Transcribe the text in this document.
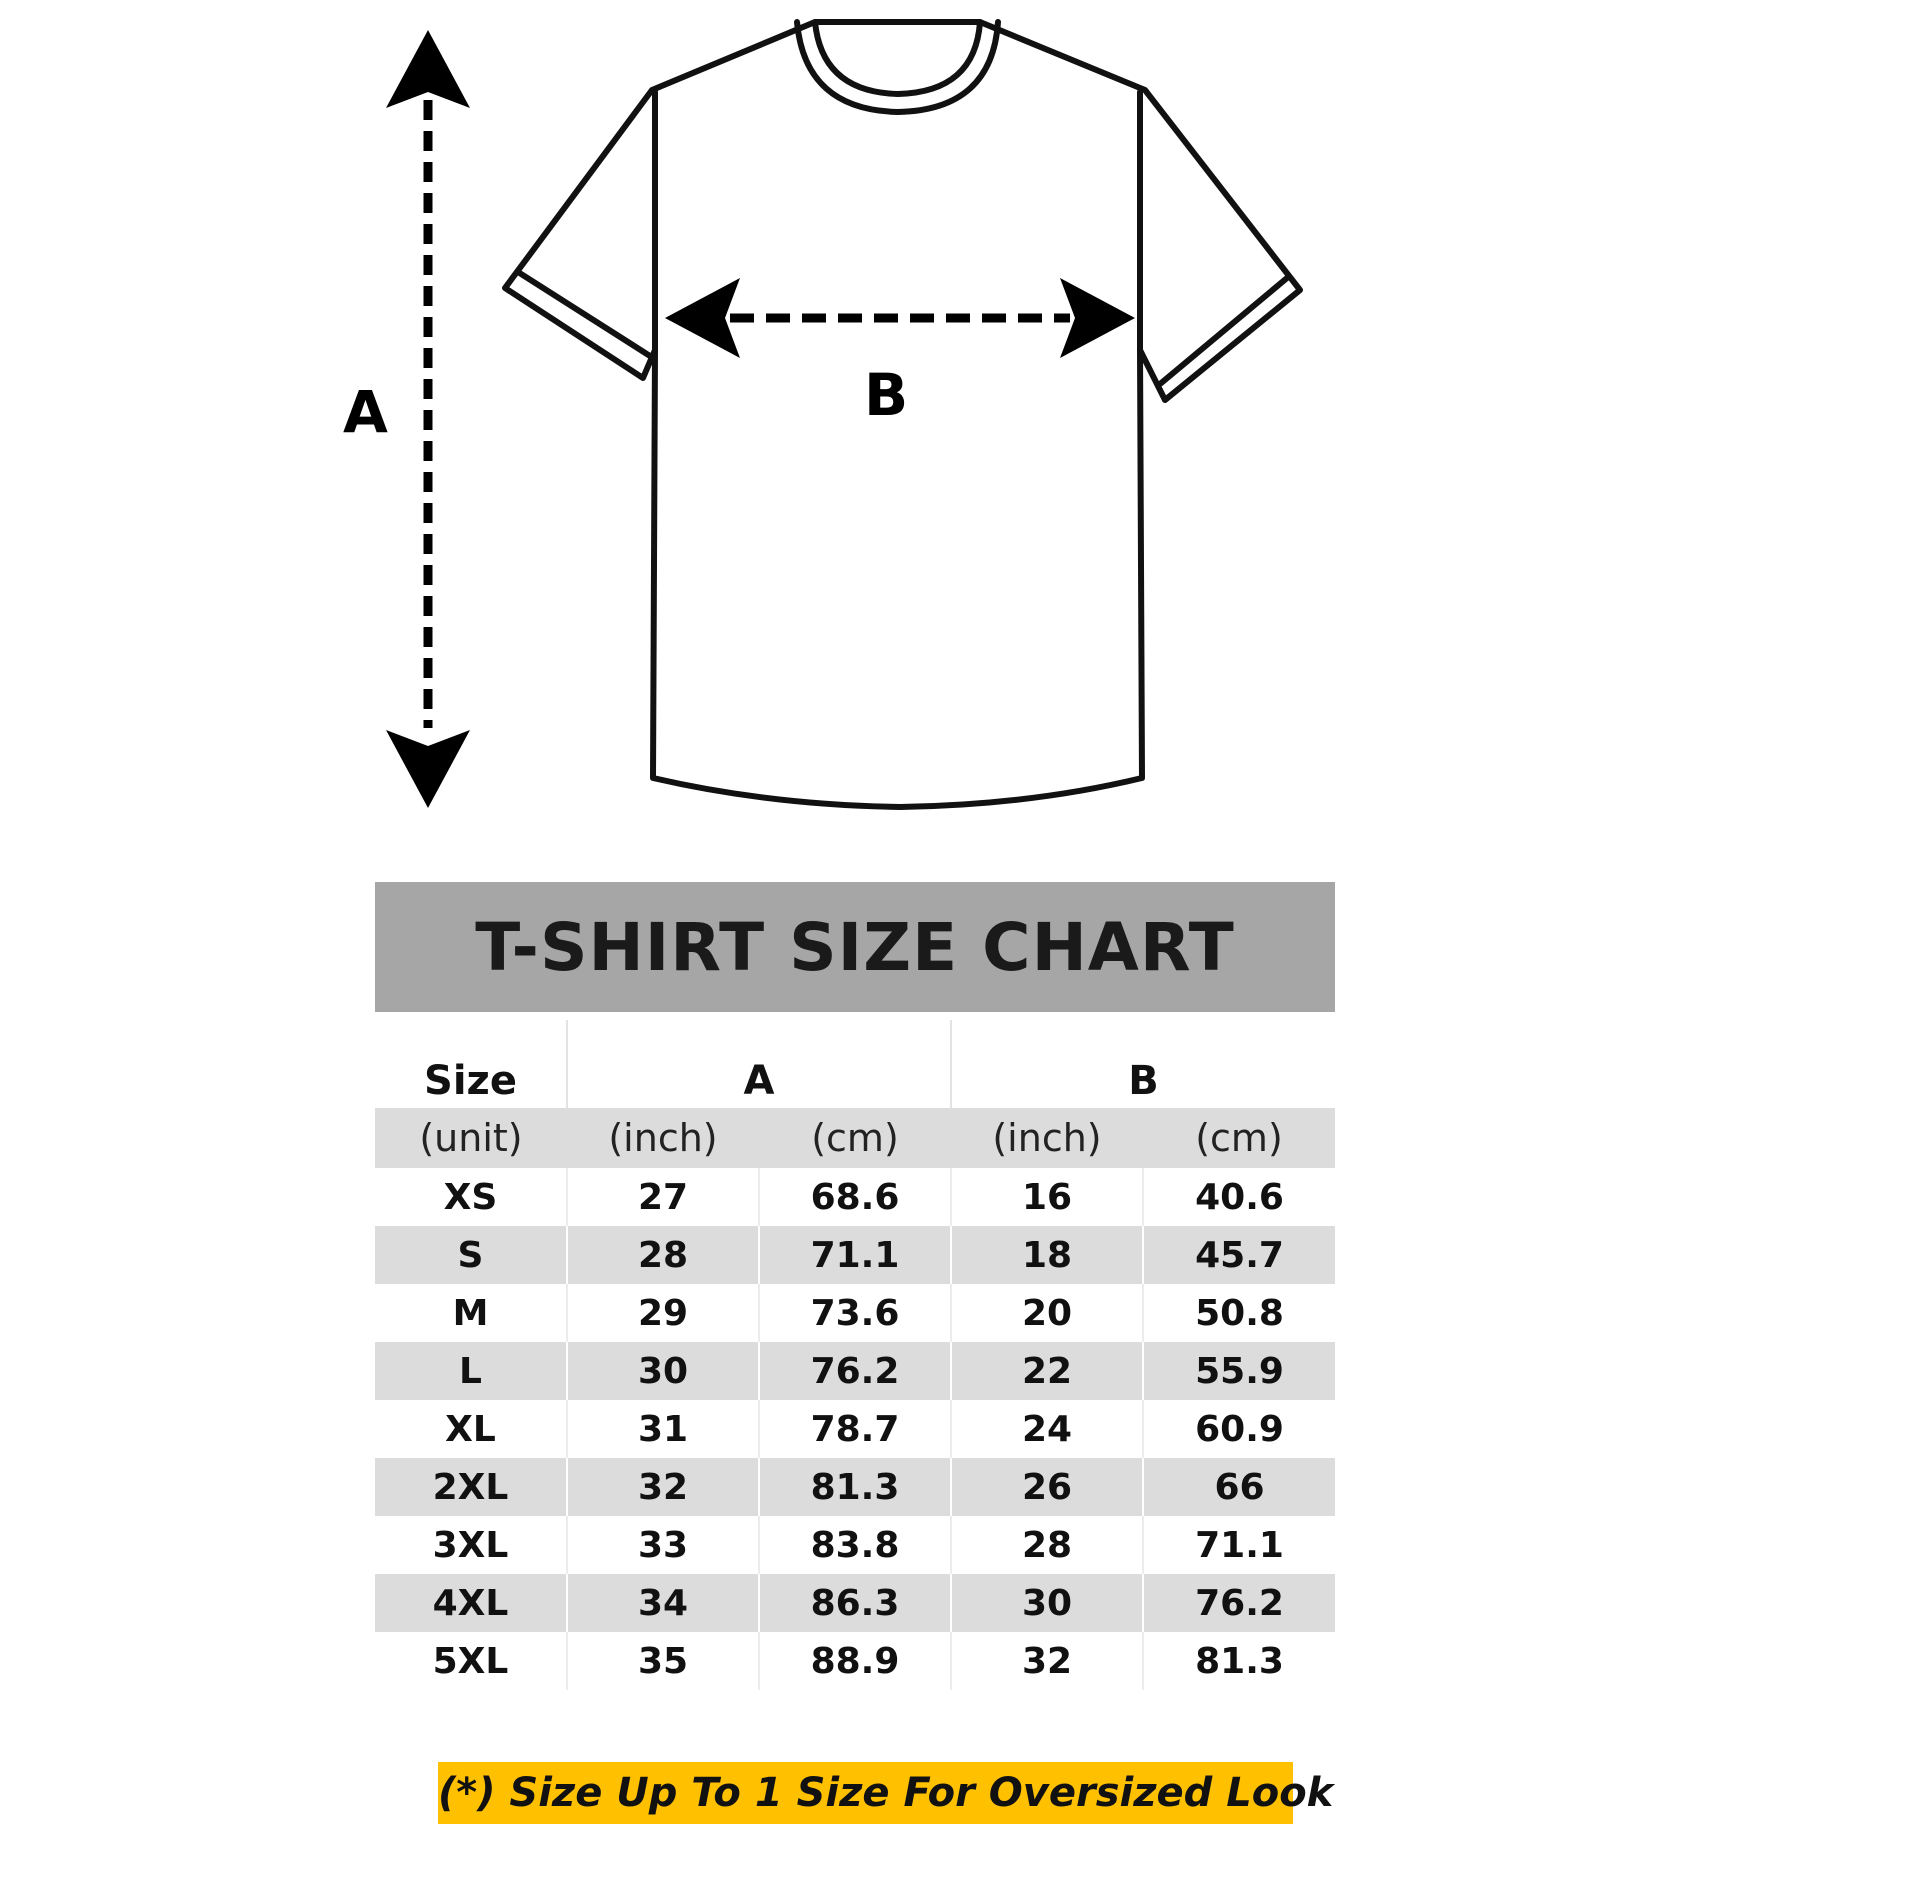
A	B
T-SHIRT SIZE CHART				

Size	A		B	
(unit)	(inch)	(cm)	(inch)	(cm)
XS	27	68.6	16	40.6
S	28	71.1	18	45.7
M	29	73.6	20	50.8
L	30	76.2	22	55.9
XL	31	78.7	24	60.9
2XL	32	81.3	26	66
3XL	33	83.8	28	71.1
4XL	34	86.3	30	76.2
5XL	35	88.9	32	81.3
(*) Size Up To 1 Size For Oversized Look
